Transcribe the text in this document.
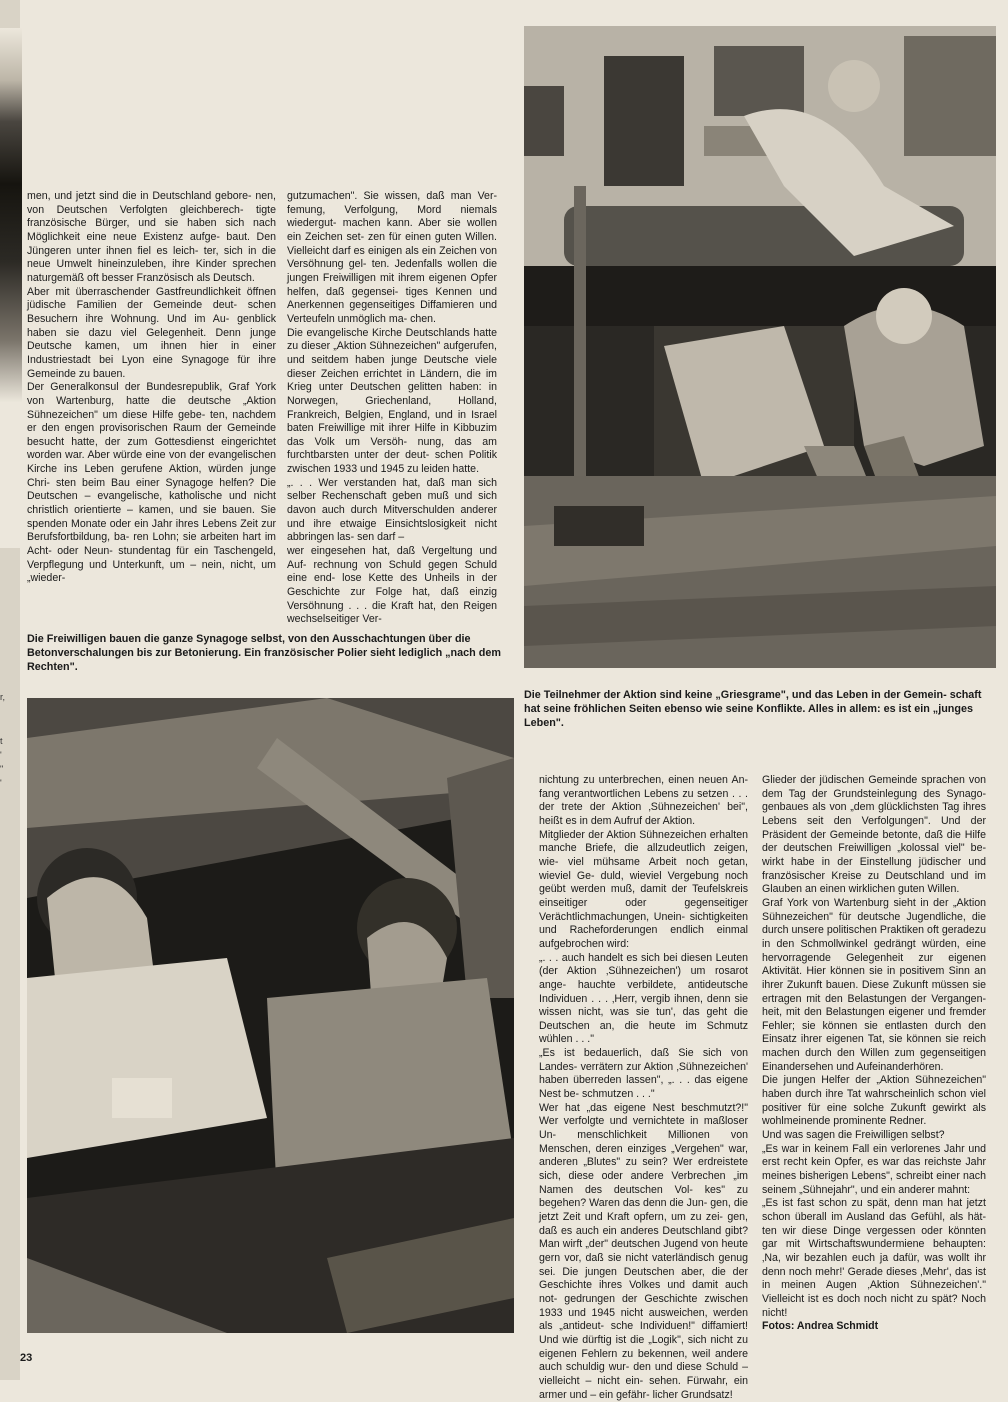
r,
t
'
"
'

men, und jetzt sind die in Deutschland gebore- nen, von Deutschen Verfolgten gleichberech- tigte französische Bürger, und sie haben sich nach Möglichkeit eine neue Existenz aufge- baut. Den Jüngeren unter ihnen fiel es leich- ter, sich in die neue Umwelt hineinzuleben, ihre Kinder sprechen naturgemäß oft besser Französisch als Deutsch.

Aber mit überraschender Gastfreundlichkeit öffnen jüdische Familien der Gemeinde deut- schen Besuchern ihre Wohnung. Und im Au- genblick haben sie dazu viel Gelegenheit. Denn junge Deutsche kamen, um ihnen hier in einer Industriestadt bei Lyon eine Synagoge für ihre Gemeinde zu bauen.

Der Generalkonsul der Bundesrepublik, Graf York von Wartenburg, hatte die deutsche „Aktion Sühnezeichen" um diese Hilfe gebe- ten, nachdem er den engen provisorischen Raum der Gemeinde besucht hatte, der zum Gottesdienst eingerichtet worden war. Aber würde eine von der evangelischen Kirche ins Leben gerufene Aktion, würden junge Chri- sten beim Bau einer Synagoge helfen? Die Deutschen – evangelische, katholische und nicht christlich orientierte – kamen, und sie bauen. Sie spenden Monate oder ein Jahr ihres Lebens Zeit zur Berufsfortbildung, ba- ren Lohn; sie arbeiten hart im Acht- oder Neun- stundentag für ein Taschengeld, Verpflegung und Unterkunft, um – nein, nicht, um „wieder-

gutzumachen". Sie wissen, daß man Ver- femung, Verfolgung, Mord niemals wiedergut- machen kann. Aber sie wollen ein Zeichen set- zen für einen guten Willen. Vielleicht darf es einigen als ein Zeichen von Versöhnung gel- ten. Jedenfalls wollen die jungen Freiwilligen mit ihrem eigenen Opfer helfen, daß gegensei- tiges Kennen und Anerkennen gegenseitiges Diffamieren und Verteufeln unmöglich ma- chen.

Die evangelische Kirche Deutschlands hatte zu dieser „Aktion Sühnezeichen" aufgerufen, und seitdem haben junge Deutsche viele dieser Zeichen errichtet in Ländern, die im Krieg unter Deutschen gelitten haben: in Norwegen, Griechenland, Holland, Frankreich, Belgien, England, und in Israel baten Freiwillige mit ihrer Hilfe in Kibbuzim das Volk um Versöh- nung, das am furchtbarsten unter der deut- schen Politik zwischen 1933 und 1945 zu leiden hatte.

„. . . Wer verstanden hat, daß man sich selber Rechenschaft geben muß und sich davon auch durch Mitverschulden anderer und ihre etwaige Einsichtslosigkeit nicht abbringen las- sen darf –

wer eingesehen hat, daß Vergeltung und Auf- rechnung von Schuld gegen Schuld eine end- lose Kette des Unheils in der Geschichte zur Folge hat, daß einzig Versöhnung . . . die Kraft hat, den Reigen wechselseitiger Ver-

Die Freiwilligen bauen die ganze Synagoge selbst, von den Ausschachtungen über die Betonverschalungen bis zur Betonierung. Ein französischer Polier sieht lediglich „nach dem Rechten".
Die Teilnehmer der Aktion sind keine „Griesgrame", und das Leben in der Gemein- schaft hat seine fröhlichen Seiten ebenso wie seine Konflikte. Alles in allem: es ist ein „junges Leben".

nichtung zu unterbrechen, einen neuen An- fang verantwortlichen Lebens zu setzen . . . der trete der Aktion ‚Sühnezeichen' bei", heißt es in dem Aufruf der Aktion.

Mitglieder der Aktion Sühnezeichen erhalten manche Briefe, die allzudeutlich zeigen, wie- viel mühsame Arbeit noch getan, wieviel Ge- duld, wieviel Vergebung noch geübt werden muß, damit der Teufelskreis einseitiger oder gegenseitiger Verächtlichmachungen, Unein- sichtigkeiten und Racheforderungen endlich einmal aufgebrochen wird:

„. . . auch handelt es sich bei diesen Leuten (der Aktion ‚Sühnezeichen') um rosarot ange- hauchte verbildete, antideutsche Individuen . . . ‚Herr, vergib ihnen, denn sie wissen nicht, was sie tun', das geht die Deutschen an, die heute im Schmutz wühlen . . ."

„Es ist bedauerlich, daß Sie sich von Landes- verrätern zur Aktion ‚Sühnezeichen' haben überreden lassen", „. . . das eigene Nest be- schmutzen . . ."

Wer hat „das eigene Nest beschmutzt?!" Wer verfolgte und vernichtete in maßloser Un- menschlichkeit Millionen von Menschen, deren einziges „Vergehen" war, anderen „Blutes" zu sein? Wer erdreistete sich, diese oder andere Verbrechen „im Namen des deutschen Vol- kes" zu begehen? Waren das denn die Jun- gen, die jetzt Zeit und Kraft opfern, um zu zei- gen, daß es auch ein anderes Deutschland gibt? Man wirft „der" deutschen Jugend von heute gern vor, daß sie nicht vaterländisch genug sei. Die jungen Deutschen aber, die der Geschichte ihres Volkes und damit auch not- gedrungen der Geschichte zwischen 1933 und 1945 nicht ausweichen, werden als „antideut- sche Individuen!" diffamiert! Und wie dürftig ist die „Logik", sich nicht zu eigenen Fehlern zu bekennen, weil andere auch schuldig wur- den und diese Schuld – vielleicht – nicht ein- sehen. Fürwahr, ein armer und – ein gefähr- licher Grundsatz!

Glieder der jüdischen Gemeinde sprachen von dem Tag der Grundsteinlegung des Synago- genbaues als von „dem glücklichsten Tag ihres Lebens seit den Verfolgungen". Und der Präsident der Gemeinde betonte, daß die Hilfe der deutschen Freiwilligen „kolossal viel" be- wirkt habe in der Einstellung jüdischer und französischer Kreise zu Deutschland und im Glauben an einen wirklichen guten Willen.

Graf York von Wartenburg sieht in der „Aktion Sühnezeichen" für deutsche Jugendliche, die durch unsere politischen Praktiken oft geradezu in den Schmollwinkel gedrängt würden, eine hervorragende Gelegenheit zur eigenen Aktivität. Hier können sie in positivem Sinn an ihrer Zukunft bauen. Diese Zukunft müssen sie ertragen mit den Belastungen der Vergangen- heit, mit den Belastungen eigener und fremder Fehler; sie können sie entlasten durch den Einsatz ihrer eigenen Tat, sie können sie reich machen durch den Willen zum gegenseitigen Einandersehen und Aufeinanderhören.

Die jungen Helfer der „Aktion Sühnezeichen" haben durch ihre Tat wahrscheinlich schon viel positiver für eine solche Zukunft gewirkt als wohlmeinende prominente Redner.

Und was sagen die Freiwilligen selbst?

„Es war in keinem Fall ein verlorenes Jahr und erst recht kein Opfer, es war das reichste Jahr meines bisherigen Lebens", schreibt einer nach seinem „Sühnejahr", und ein anderer mahnt:

„Es ist fast schon zu spät, denn man hat jetzt schon überall im Ausland das Gefühl, als hät- ten wir diese Dinge vergessen oder könnten gar mit Wirtschaftswundermiene behaupten: ‚Na, wir bezahlen euch ja dafür, was wollt ihr denn noch mehr!' Gerade dieses ‚Mehr', das ist in meinen Augen ‚Aktion Sühnezeichen'." Vielleicht ist es doch noch nicht zu spät? Noch nicht!

Fotos: Andrea Schmidt

23
